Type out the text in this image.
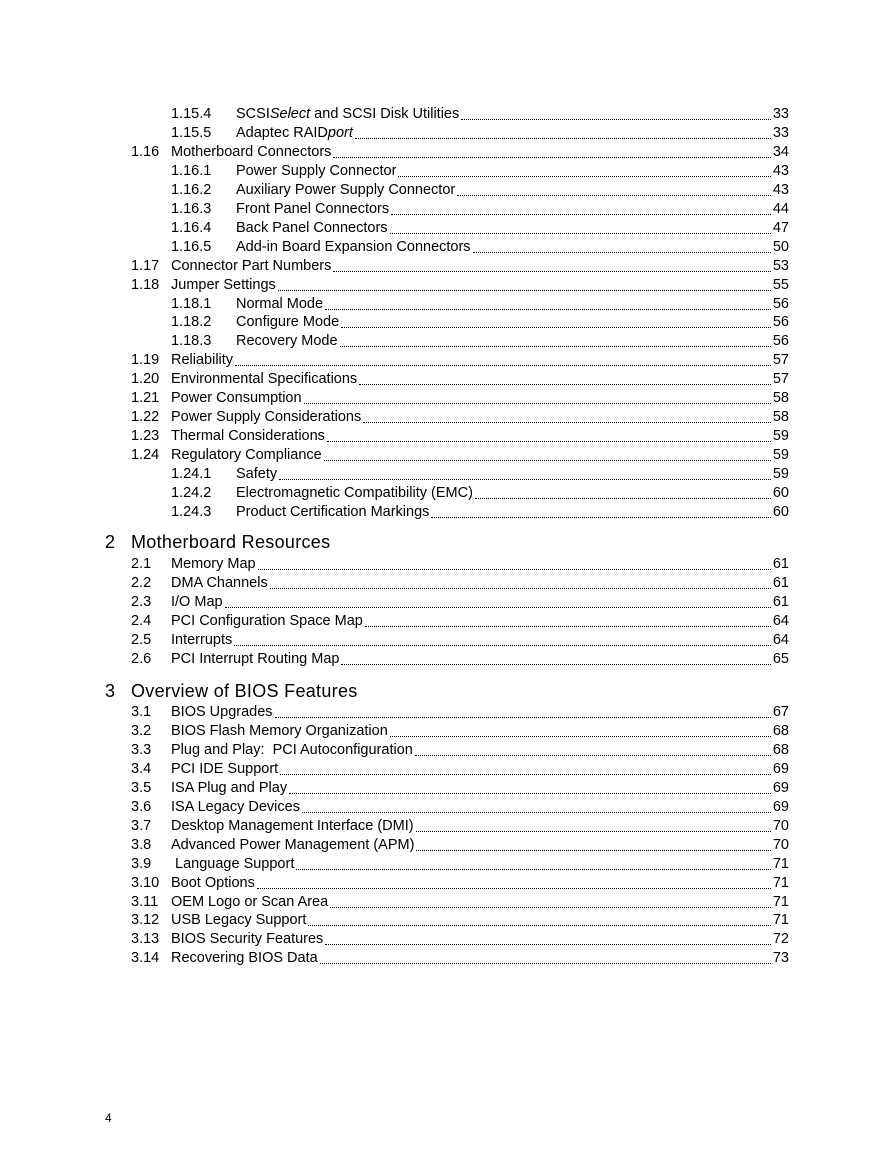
1.15.4	SCSISelect and SCSI Disk Utilities	33
1.15.5	Adaptec RAIDport	33
1.16 Motherboard Connectors	34
1.16.1	Power Supply Connector	43
1.16.2	Auxiliary Power Supply Connector	43
1.16.3	Front Panel Connectors	44
1.16.4	Back Panel Connectors	47
1.16.5	Add-in Board Expansion Connectors	50
1.17 Connector Part Numbers	53
1.18 Jumper Settings	55
1.18.1	Normal Mode	56
1.18.2	Configure Mode	56
1.18.3	Recovery Mode	56
1.19 Reliability	57
1.20 Environmental Specifications	57
1.21 Power Consumption	58
1.22 Power Supply Considerations	58
1.23 Thermal Considerations	59
1.24 Regulatory Compliance	59
1.24.1	Safety	59
1.24.2	Electromagnetic Compatibility (EMC)	60
1.24.3	Product Certification Markings	60
2 Motherboard Resources
2.1	Memory Map	61
2.2	DMA Channels	61
2.3	I/O Map	61
2.4	PCI Configuration Space Map	64
2.5	Interrupts	64
2.6	PCI Interrupt Routing Map	65
3 Overview of BIOS Features
3.1	BIOS Upgrades	67
3.2	BIOS Flash Memory Organization	68
3.3	Plug and Play:  PCI Autoconfiguration	68
3.4	PCI IDE Support	69
3.5	ISA Plug and Play	69
3.6	ISA Legacy Devices	69
3.7	Desktop Management Interface (DMI)	70
3.8	Advanced Power Management (APM)	70
3.9	Language Support	71
3.10 Boot Options	71
3.11 OEM Logo or Scan Area	71
3.12 USB Legacy Support	71
3.13 BIOS Security Features	72
3.14 Recovering BIOS Data	73
4
